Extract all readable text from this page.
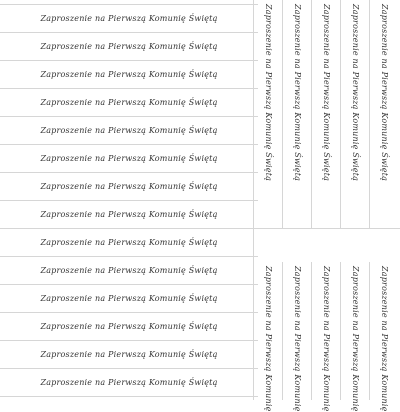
Zaproszenie na Pierwszą Komunię Świętą
Zaproszenie na Pierwszą Komunię Świętą
Zaproszenie na Pierwszą Komunię Świętą
Zaproszenie na Pierwszą Komunię Świętą
Zaproszenie na Pierwszą Komunię Świętą
Zaproszenie na Pierwszą Komunię Świętą
Zaproszenie na Pierwszą Komunię Świętą
Zaproszenie na Pierwszą Komunię Świętą
Zaproszenie na Pierwszą Komunię Świętą
Zaproszenie na Pierwszą Komunię Świętą
Zaproszenie na Pierwszą Komunię Świętą
Zaproszenie na Pierwszą Komunię Świętą
Zaproszenie na Pierwszą Komunię Świętą
Zaproszenie na Pierwszą Komunię Świętą
Zaproszenie na Pierwszą Komunię Świętą	Zaproszenie na Pierwszą Komunię Świętą	Zaproszenie na Pierwszą Komunię Świętą	Zaproszenie na Pierwszą Komunię Świętą	Zaproszenie na Pierwszą Komunię Świętą
Zaproszenie na Pierwszą Komunię	Zaproszenie na Pierwszą Komunię	Zaproszenie na Pierwszą Komunię	Zaproszenie na Pierwszą Komunię	Zaproszenie na Pierwszą Komunię
